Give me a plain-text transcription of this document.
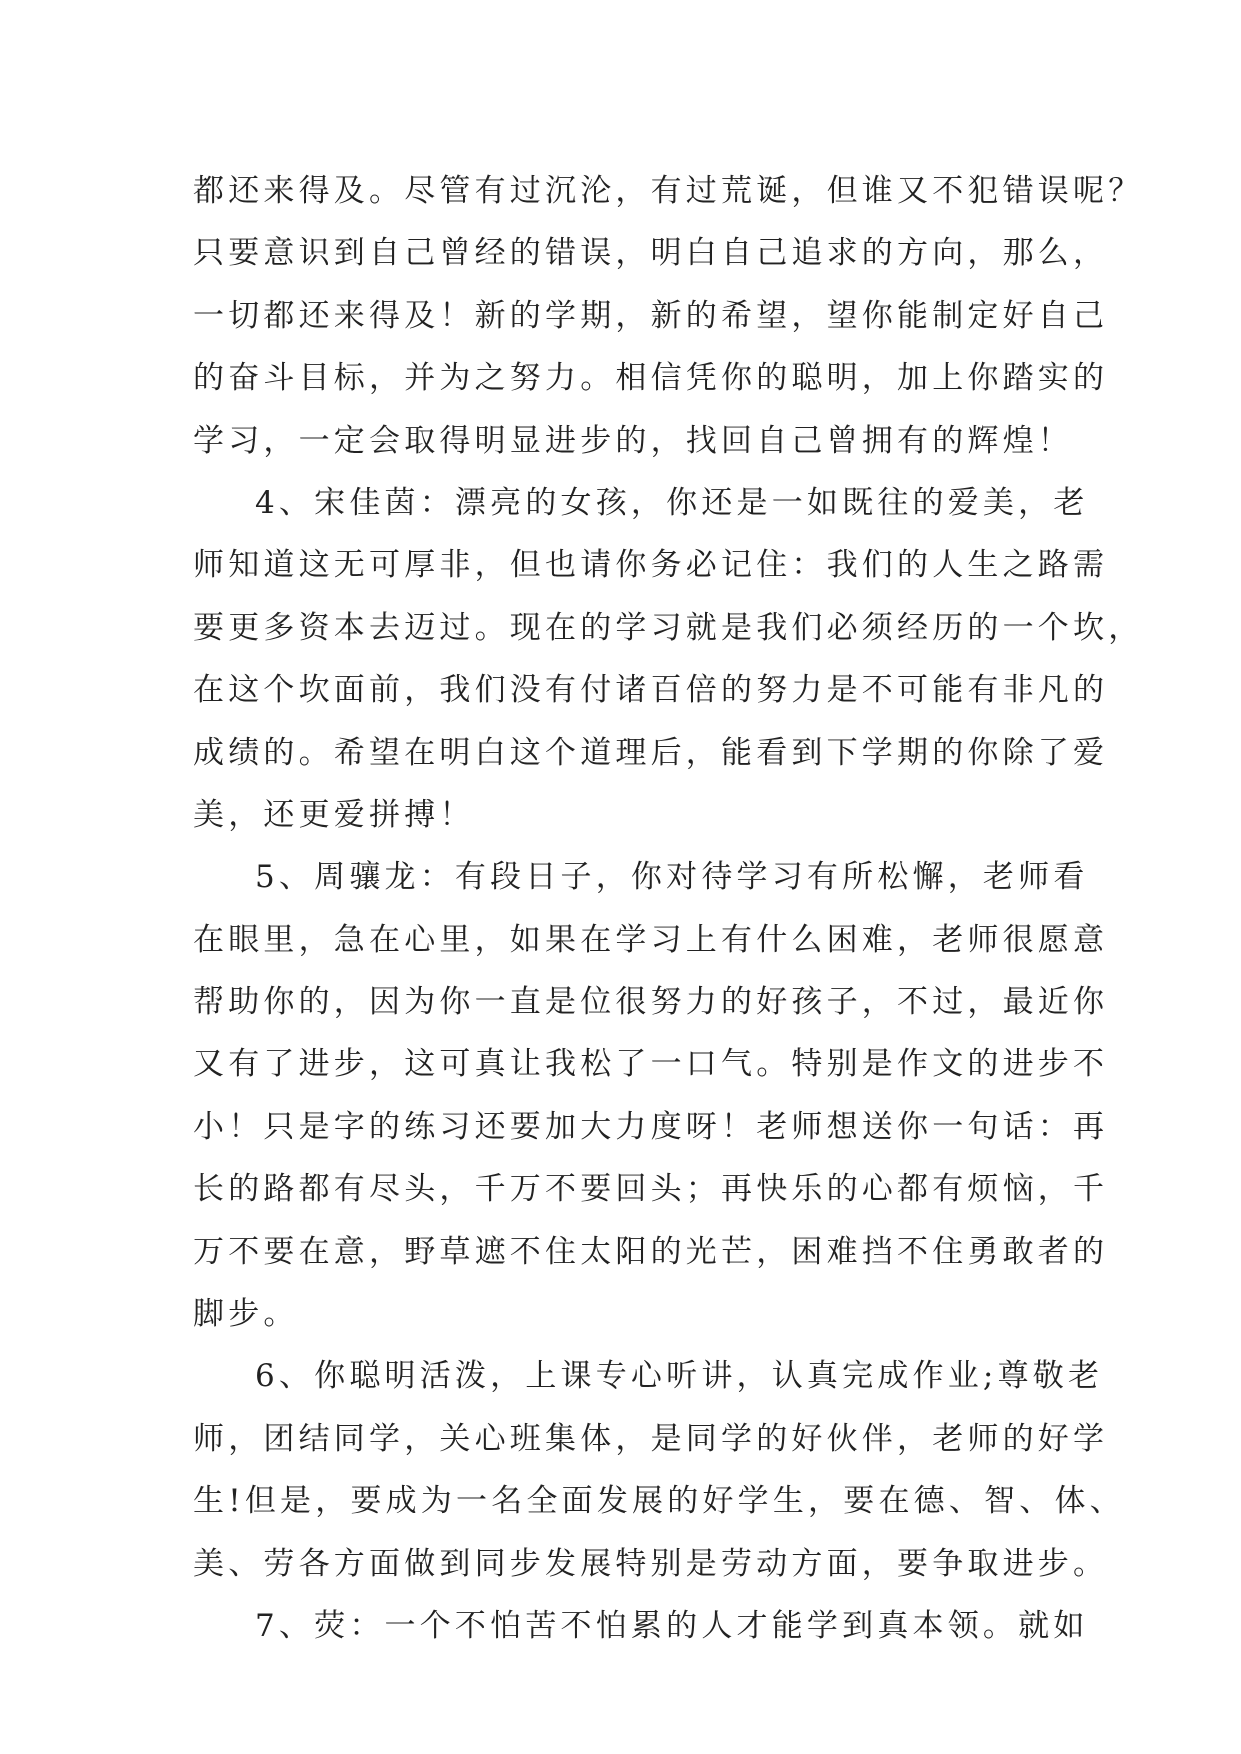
都还来得及。尽管有过沉沦，有过荒诞，但谁又不犯错误呢？
只要意识到自己曾经的错误，明白自己追求的方向，那么，
一切都还来得及！新的学期，新的希望，望你能制定好自己
的奋斗目标，并为之努力。相信凭你的聪明，加上你踏实的
学习，一定会取得明显进步的，找回自己曾拥有的辉煌！
4、宋佳茵：漂亮的女孩，你还是一如既往的爱美，老
师知道这无可厚非，但也请你务必记住：我们的人生之路需
要更多资本去迈过。现在的学习就是我们必须经历的一个坎，
在这个坎面前，我们没有付诸百倍的努力是不可能有非凡的
成绩的。希望在明白这个道理后，能看到下学期的你除了爱
美，还更爱拼搏！
5、周骧龙：有段日子，你对待学习有所松懈，老师看
在眼里，急在心里，如果在学习上有什么困难，老师很愿意
帮助你的，因为你一直是位很努力的好孩子，不过，最近你
又有了进步，这可真让我松了一口气。特别是作文的进步不
小！只是字的练习还要加大力度呀！老师想送你一句话：再
长的路都有尽头，千万不要回头；再快乐的心都有烦恼，千
万不要在意，野草遮不住太阳的光芒，困难挡不住勇敢者的
脚步。
6、你聪明活泼，上课专心听讲，认真完成作业;尊敬老
师，团结同学，关心班集体，是同学的好伙伴，老师的好学
生!但是，要成为一名全面发展的好学生，要在德、智、体、
美、劳各方面做到同步发展特别是劳动方面，要争取进步。
7、荧：一个不怕苦不怕累的人才能学到真本领。就如
